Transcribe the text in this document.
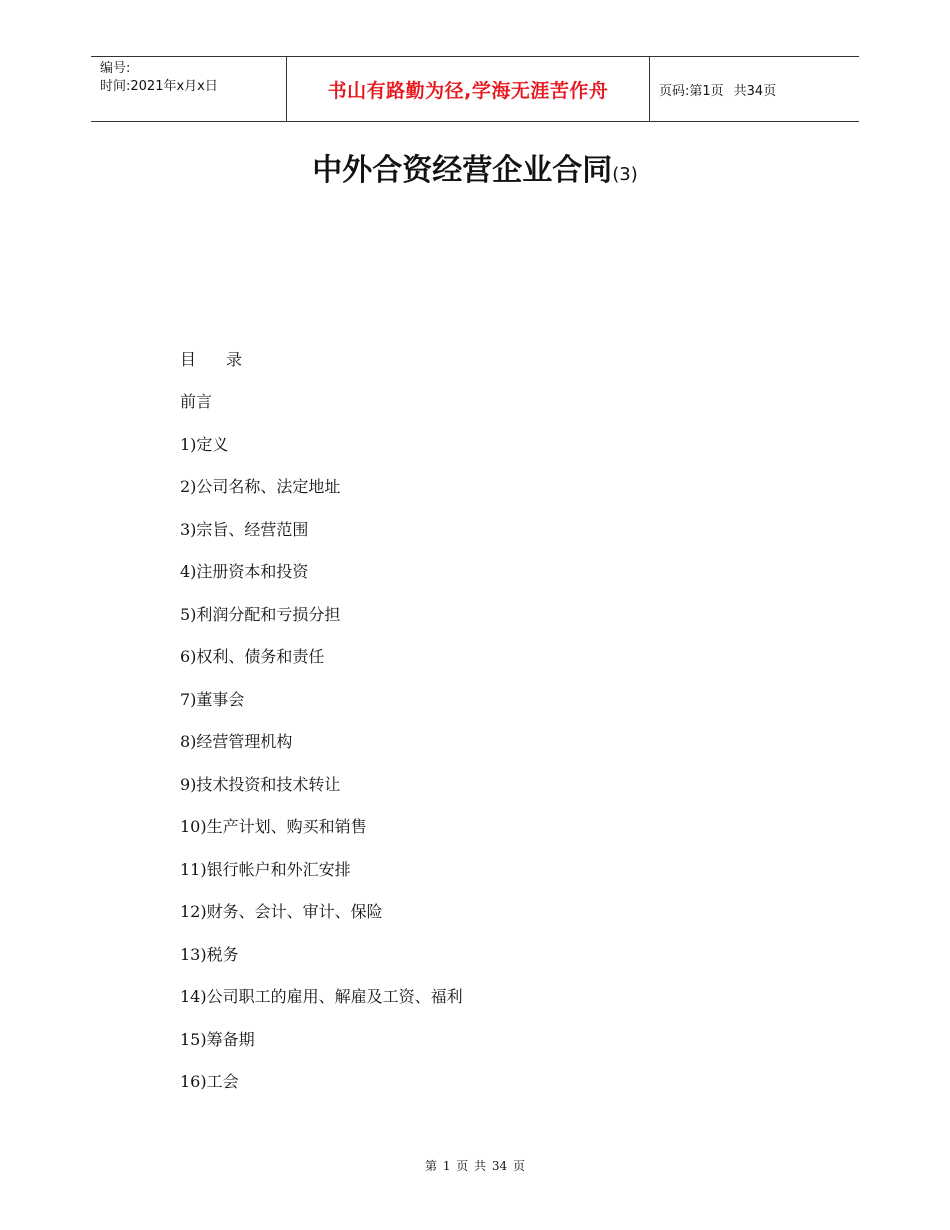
编号:
时间:2021年x月x日	书山有路勤为径,学海无涯苦作舟	页码:第1页 共34页
中外合资经营企业合同(3)
目 录
前言
1)定义
2)公司名称、法定地址
3)宗旨、经营范围
4)注册资本和投资
5)利润分配和亏损分担
6)权利、债务和责任
7)董事会
8)经营管理机构
9)技术投资和技术转让
10)生产计划、购买和销售
11)银行帐户和外汇安排
12)财务、会计、审计、保险
13)税务
14)公司职工的雇用、解雇及工资、福利
15)筹备期
16)工会
第 1 页 共 34 页
